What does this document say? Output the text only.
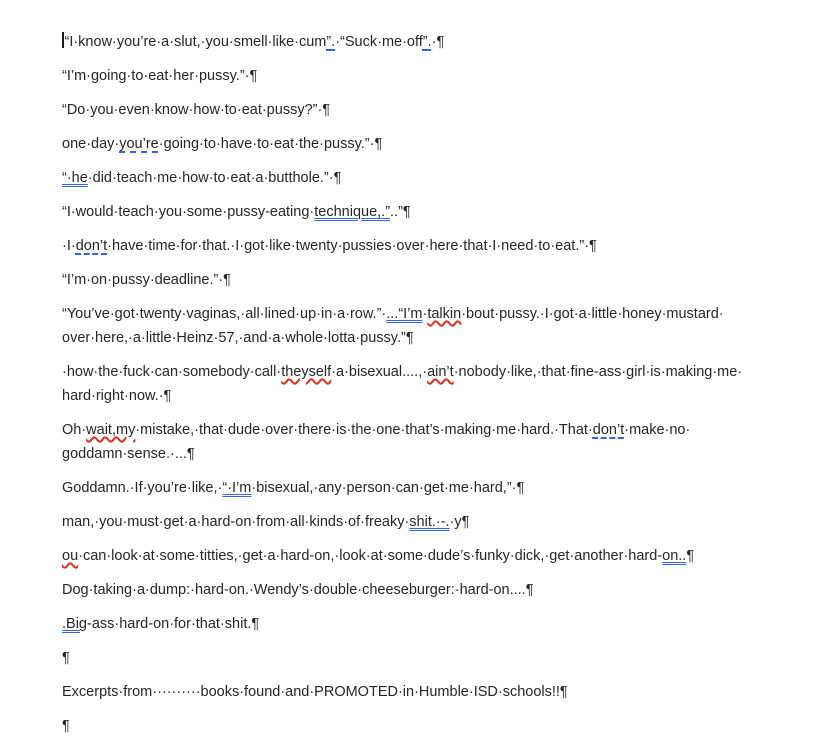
“I·know·you’re·a·slut,·you·smell·like·cum”.·“Suck·me·off”.·¶

“I’m·going·to·eat·her·pussy.”·¶

“Do·you·even·know·how·to·eat·pussy?”·¶

one·day·you’re·going·to·have·to·eat·the·pussy.”·¶

“·he·did·teach·me·how·to·eat·a·butthole.”·¶

“I·would·teach·you·some·pussy-eating·technique,.”..”¶

·I·don’t·have·time·for·that.·I·got·like·twenty·pussies·over·here·that·I·need·to·eat.”·¶

“I’m·on·pussy·deadline.”·¶

“You’ve·got·twenty·vaginas,·all·lined·up·in·a·row.”·...“I’m·talkin·bout·pussy.·I·got·a·little·honey·mustard·
over·here,·a·little·Heinz·57,·and·a·whole·lotta·pussy.”¶

·how·the·fuck·can·somebody·call·theyself·a·bisexual....,·ain’t·nobody·like,·that·fine-ass·girl·is·making·me·
hard·right·now.·¶

Oh·wait,my·mistake,·that·dude·over·there·is·the·one·that’s·making·me·hard.·That·don’t·make·no·
goddamn·sense.·...¶

Goddamn.·If·you’re·like,·“·I’m·bisexual,·any·person·can·get·me·hard,”·¶

man,·you·must·get·a·hard-on·from·all·kinds·of·freaky·shit.·-.·y¶

ou·can·look·at·some·titties,·get·a·hard-on,·look·at·some·dude’s·funky·dick,·get·another·hard-on..¶

Dog·taking·a·dump:·hard-on.·Wendy’s·double·cheeseburger:·hard-on....¶

.Big-ass·hard-on·for·that·shit.¶

¶

Excerpts·from··········books·found·and·PROMOTED·in·Humble·ISD·schools!!¶

¶
